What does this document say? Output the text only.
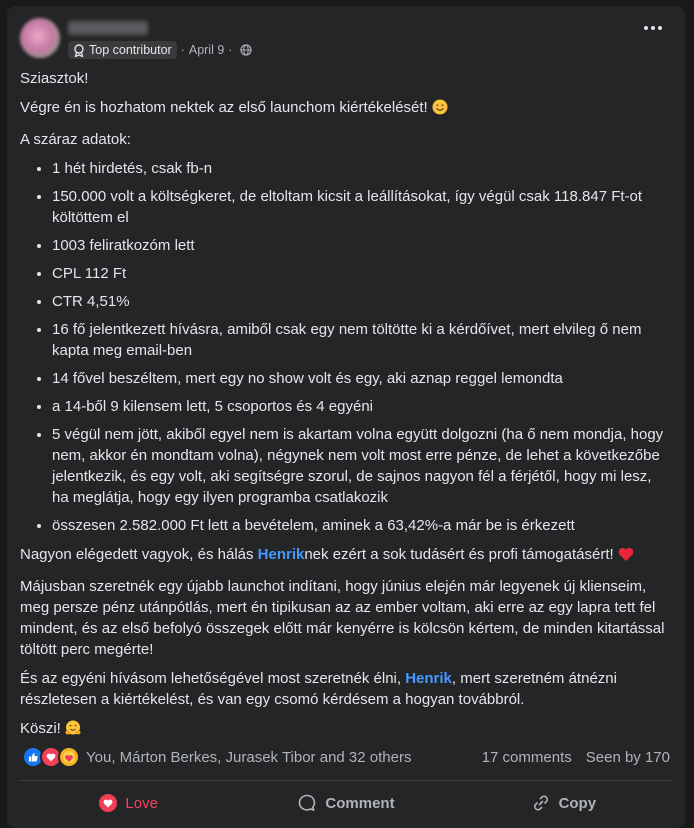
Top contributor · April 9 ·

Sziasztok!

Végre én is hozhatom nektek az első launchom kiértékelését!

A száraz adatok:

• 1 hét hirdetés, csak fb-n
• 150.000 volt a költségkeret, de eltoltam kicsit a leállításokat, így végül csak 118.847 Ft-ot költöttem el
• 1003 feliratkozóm lett
• CPL 112 Ft
• CTR 4,51%
• 16 fő jelentkezett hívásra, amiből csak egy nem töltötte ki a kérdőívet, mert elvileg ő nem kapta meg email-ben
• 14 fővel beszéltem, mert egy no show volt és egy, aki aznap reggel lemondta
• a 14-ből 9 kilensem lett, 5 csoportos és 4 egyéni
• 5 végül nem jött, akiből egyel nem is akartam volna együtt dolgozni (ha ő nem mondja, hogy nem, akkor én mondtam volna), négynek nem volt most erre pénze, de lehet a következőbe jelentkezik, és egy volt, aki segítségre szorul, de sajnos nagyon fél a férjétől, hogy mi lesz, ha meglátja, hogy egy ilyen programba csatlakozik
• összesen 2.582.000 Ft lett a bevételem, aminek a 63,42%-a már be is érkezett

Nagyon elégedett vagyok, és hálás Henriknek ezért a sok tudásért és profi támogatásért!

Májusban szeretnék egy újabb launchot indítani, hogy június elején már legyenek új klienseim, meg persze pénz utánpótlás, mert én tipikusan az az ember voltam, aki erre az egy lapra tett fel mindent, és az első befolyó összegek előtt már kenyérre is kölcsön kértem, de minden kitartással töltött perc megérte!

És az egyéni hívásom lehetőségével most szeretnék élni, Henrik, mert szeretném átnézni részletesen a kiértékelést, és van egy csomó kérdésem a hogyan továbbról.

Köszi!

You, Márton Berkes, Jurasek Tibor and 32 others	17 comments Seen by 170
Love	Comment	Copy
